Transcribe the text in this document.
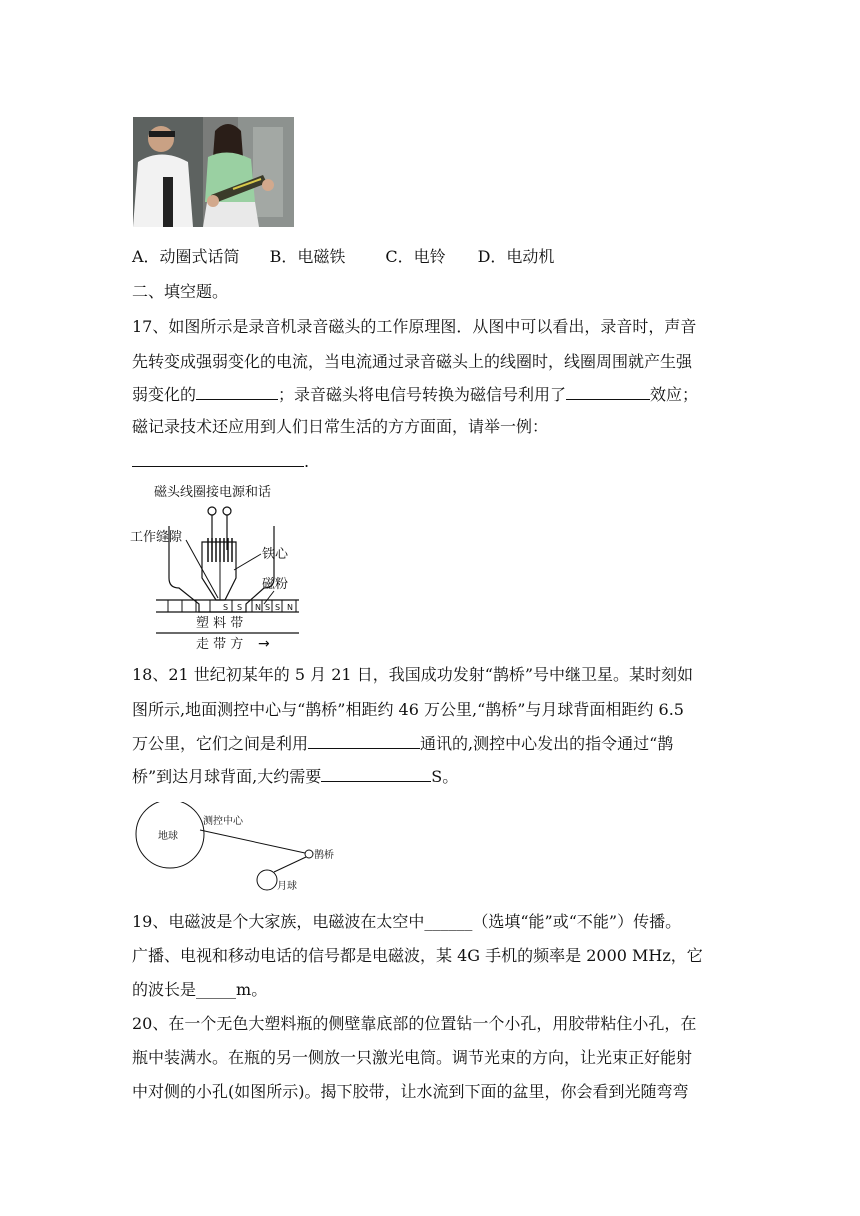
A．动圈式话筒 B．电磁铁	C．电铃 D．电动机
二、填空题。
17、如图所示是录音机录音磁头的工作原理图．从图中可以看出，录音时，声音
先转变成强弱变化的电流，当电流通过录音磁头上的线圈时，线圈周围就产生强
弱变化的	；录音磁头将电信号转换为磁信号利用了	效应；
磁记录技术还应用到人们日常生活的方方面面，请举一例：
.
磁头线圈接电源和话
铁心
工作缝隙
磁粉
S S N S S N
塑 料 带
走 带 方 →
18、21 世纪初某年的 5 月 21 日，我国成功发射“鹊桥”号中继卫星。某时刻如
图所示,地面测控中心与“鹊桥”相距约 46 万公里,“鹊桥”与月球背面相距约 6.5
万公里，它们之间是利用	通讯的,测控中心发出的指令通过“鹊
桥”到达月球背面,大约需要	S。
地球
测控中心
鹊桥
月球
19、电磁波是个大家族，电磁波在太空中______（选填“能”或“不能”）传播。
广播、电视和移动电话的信号都是电磁波，某 4G 手机的频率是 2000 MHz，它
的波长是_____m。
20、在一个无色大塑料瓶的侧壁靠底部的位置钻一个小孔，用胶带粘住小孔，在
瓶中装满水。在瓶的另一侧放一只激光电筒。调节光束的方向，让光束正好能射
中对侧的小孔(如图所示)。揭下胶带，让水流到下面的盆里，你会看到光随弯弯
